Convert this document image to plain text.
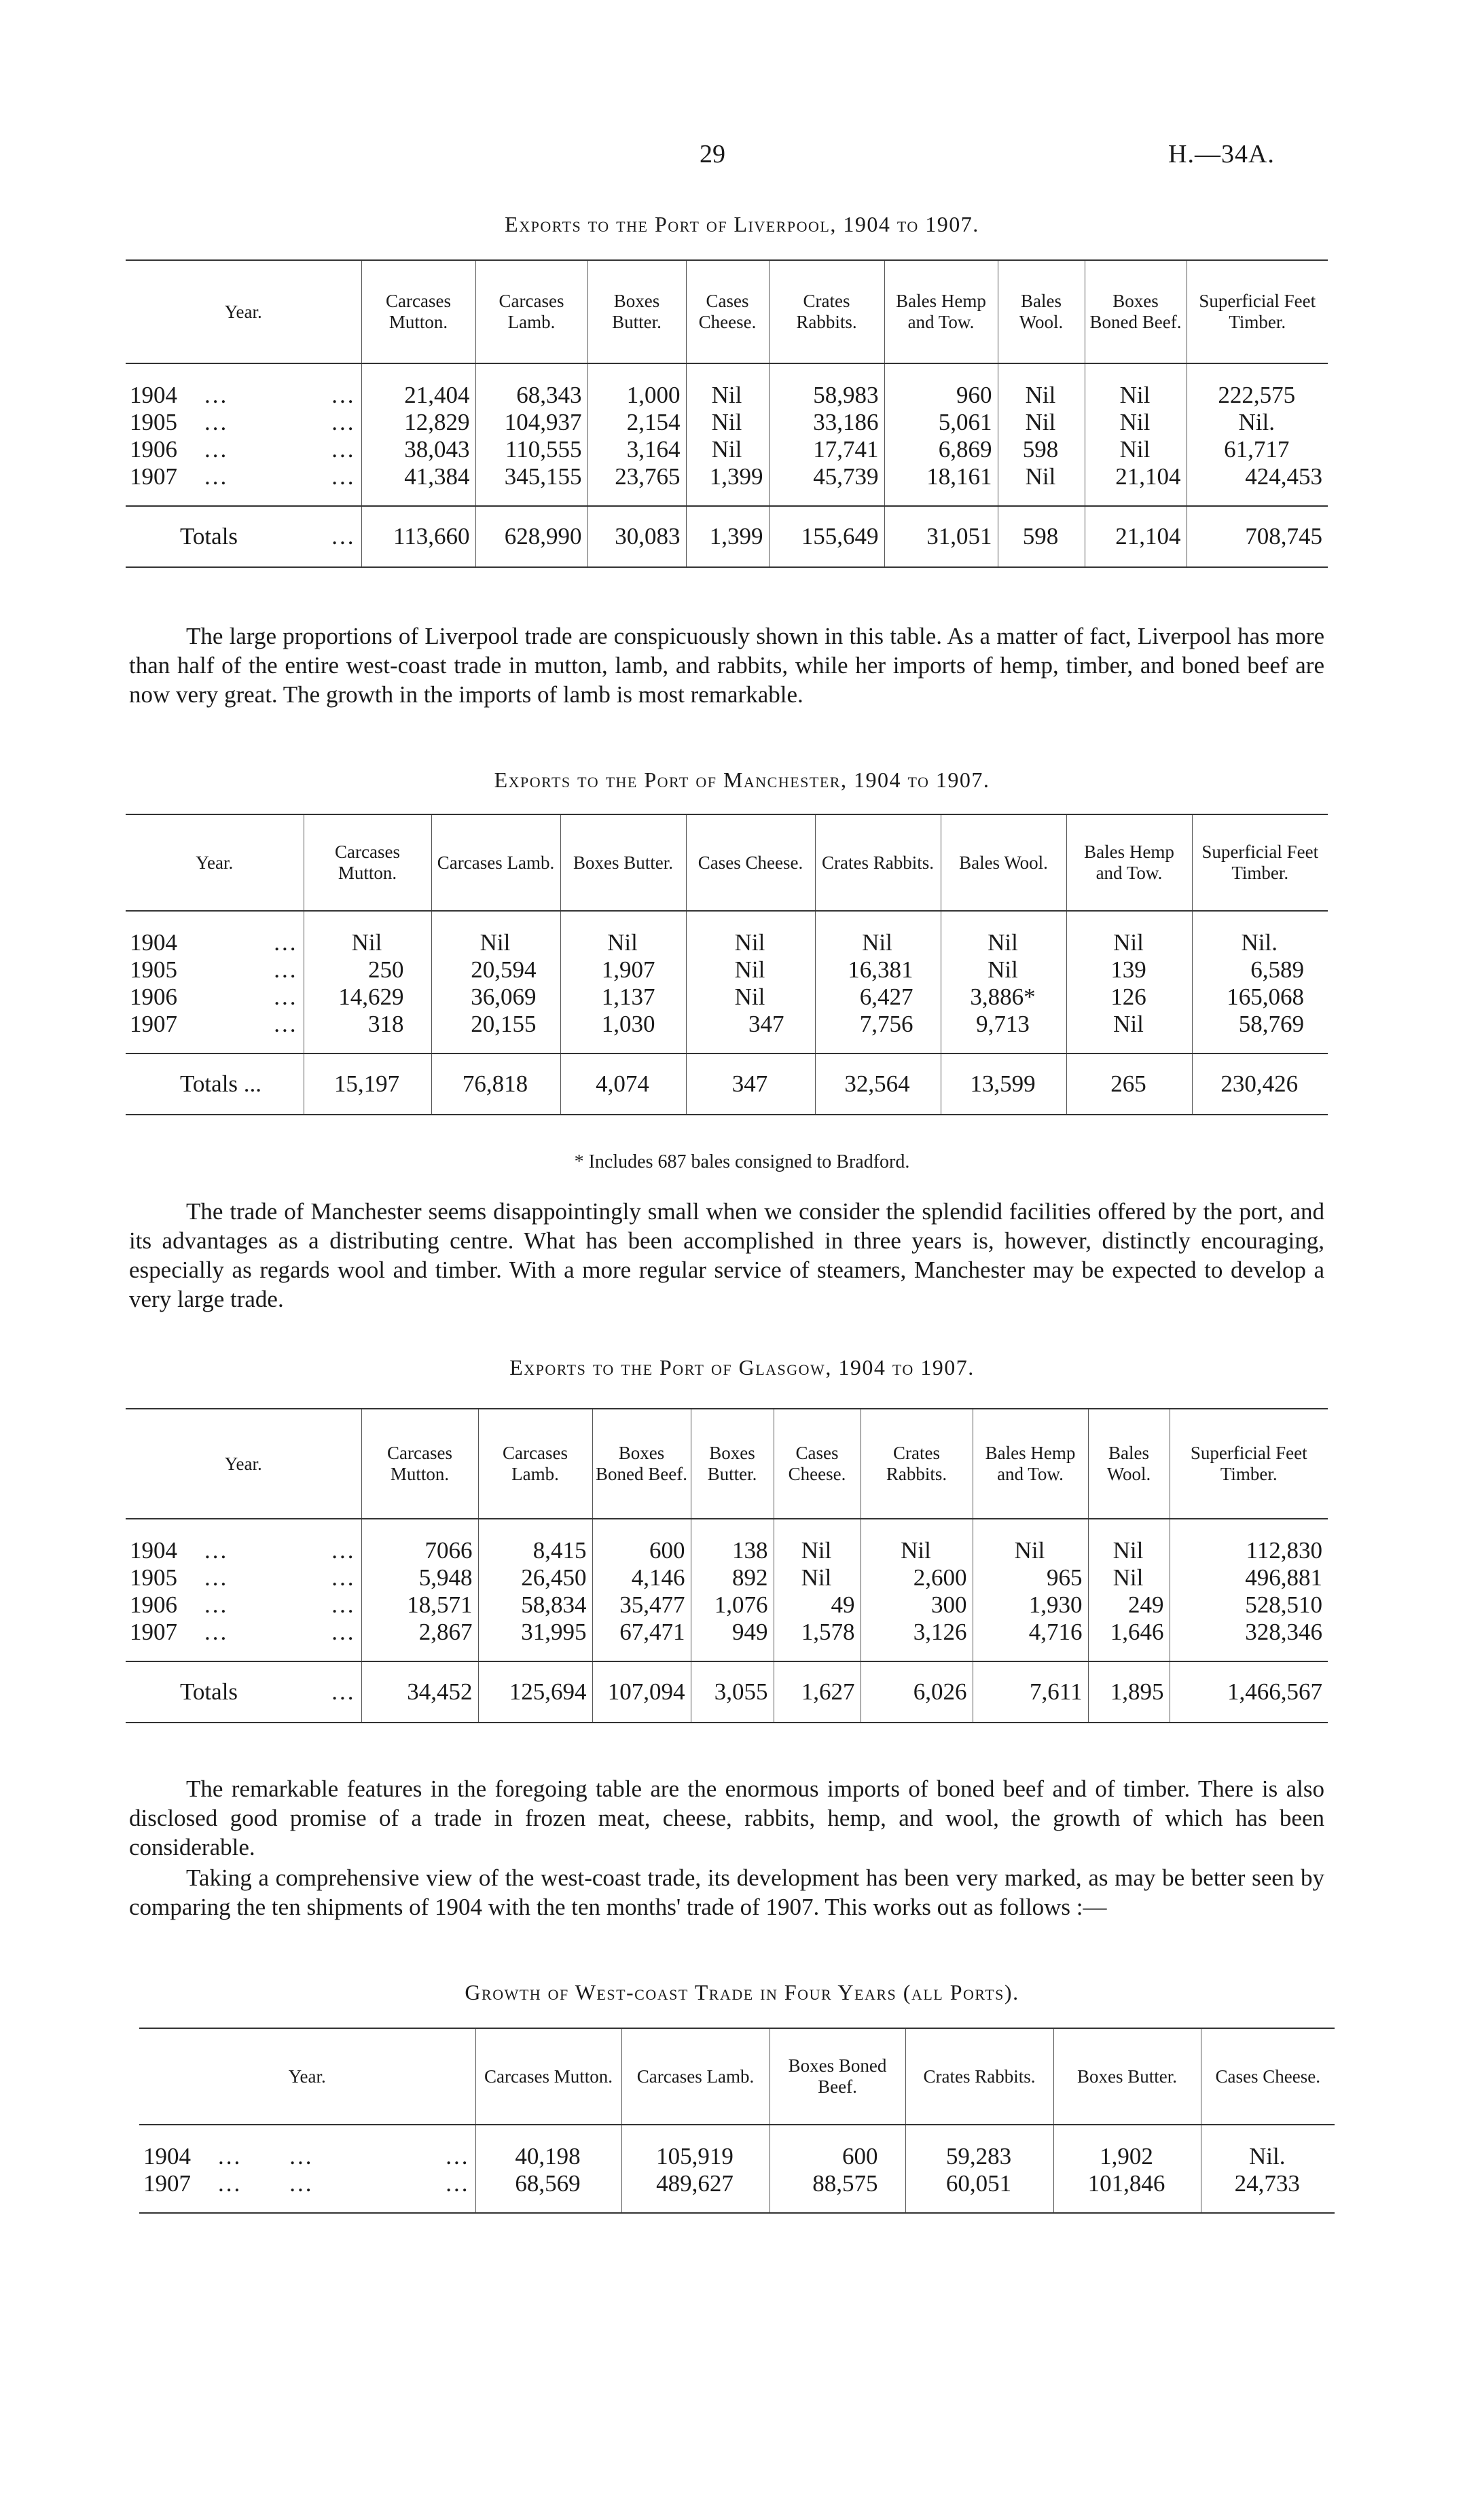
29	H.—34A.
Exports to the Port of Liverpool, 1904 to 1907.
Year.	Carcases Mutton.	Carcases Lamb.	Boxes Butter.	Cases Cheese.	Crates Rabbits.	Bales Hemp and Tow.	Bales Wool.	Boxes Boned Beef.	Superficial Feet Timber.
1904 ... ...	21,404	68,343	1,000	Nil	58,983	960	Nil	Nil	222,575
1905 ... ...	12,829	104,937	2,154	Nil	33,186	5,061	Nil	Nil	Nil.
1906 ... ...	38,043	110,555	3,164	Nil	17,741	6,869	598	Nil	61,717
1907 ... ...	41,384	345,155	23,765	1,399	45,739	18,161	Nil	21,104	424,453
Totals ...	113,660	628,990	30,083	1,399	155,649	31,051	598	21,104	708,745
The large proportions of Liverpool trade are conspicuously shown in this table. As a matter of fact, Liverpool has more than half of the entire west-coast trade in mutton, lamb, and rabbits, while her imports of hemp, timber, and boned beef are now very great. The growth in the imports of lamb is most remarkable.
Exports to the Port of Manchester, 1904 to 1907.
Year.	Carcases Mutton.	Carcases Lamb.	Boxes Butter.	Cases Cheese.	Crates Rabbits.	Bales Wool.	Bales Hemp and Tow.	Superficial Feet Timber.
1904 ...	Nil	Nil	Nil	Nil	Nil	Nil	Nil	Nil.
1905 ...	250	20,594	1,907	Nil	16,381	Nil	139	6,589
1906 ...	14,629	36,069	1,137	Nil	6,427	3,886*	126	165,068
1907 ...	318	20,155	1,030	347	7,756	9,713	Nil	58,769
Totals ...	15,197	76,818	4,074	347	32,564	13,599	265	230,426
* Includes 687 bales consigned to Bradford.
The trade of Manchester seems disappointingly small when we consider the splendid facilities offered by the port, and its advantages as a distributing centre. What has been accomplished in three years is, however, distinctly encouraging, especially as regards wool and timber. With a more regular service of steamers, Manchester may be expected to develop a very large trade.
Exports to the Port of Glasgow, 1904 to 1907.
Year.	Carcases Mutton.	Carcases Lamb.	Boxes Boned Beef.	Boxes Butter.	Cases Cheese.	Crates Rabbits.	Bales Hemp and Tow.	Bales Wool.	Superficial Feet Timber.
1904 ... ...	7066	8,415	600	138	Nil	Nil	Nil	Nil	112,830
1905 ... ...	5,948	26,450	4,146	892	Nil	2,600	965	Nil	496,881
1906 ... ...	18,571	58,834	35,477	1,076	49	300	1,930	249	528,510
1907 ... ...	2,867	31,995	67,471	949	1,578	3,126	4,716	1,646	328,346
Totals ...	34,452	125,694	107,094	3,055	1,627	6,026	7,611	1,895	1,466,567
The remarkable features in the foregoing table are the enormous imports of boned beef and of timber. There is also disclosed good promise of a trade in frozen meat, cheese, rabbits, hemp, and wool, the growth of which has been considerable.
Taking a comprehensive view of the west-coast trade, its development has been very marked, as may be better seen by comparing the ten shipments of 1904 with the ten months' trade of 1907. This works out as follows :—
Growth of West-coast Trade in Four Years (all Ports).
Year.	Carcases Mutton.	Carcases Lamb.	Boxes Boned Beef.	Crates Rabbits.	Boxes Butter.	Cases Cheese.
1904 ... ... ...	40,198	105,919	600	59,283	1,902	Nil.
1907 ... ... ...	68,569	489,627	88,575	60,051	101,846	24,733
